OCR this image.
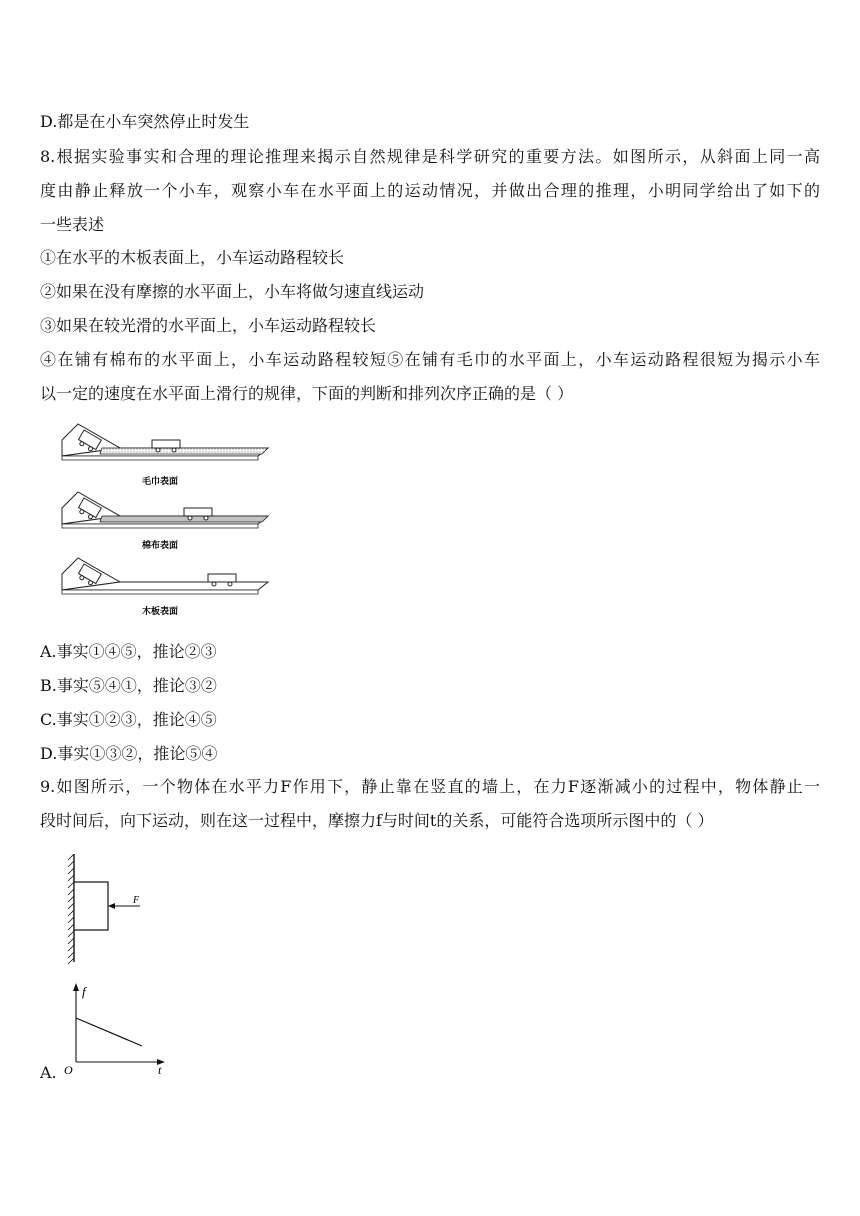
D.都是在小车突然停止时发生
8.根据实验事实和合理的理论推理来揭示自然规律是科学研究的重要方法。如图所示，从斜面上同一高
度由静止释放一个小车，观察小车在水平面上的运动情况，并做出合理的推理，小明同学给出了如下的
一些表述
①在水平的木板表面上，小车运动路程较长
②如果在没有摩擦的水平面上，小车将做匀速直线运动
③如果在较光滑的水平面上，小车运动路程较长
④在铺有棉布的水平面上，小车运动路程较短⑤在铺有毛巾的水平面上，小车运动路程很短为揭示小车
以一定的速度在水平面上滑行的规律，下面的判断和排列次序正确的是（ ）
毛巾表面
棉布表面
木板表面
A.事实①④⑤，推论②③
B.事实⑤④①，推论③②
C.事实①②③，推论④⑤
D.事实①③②，推论⑤④
9.如图所示，一个物体在水平力F作用下，静止靠在竖直的墙上，在力F逐渐减小的过程中，物体静止一
段时间后，向下运动，则在这一过程中，摩擦力f与时间t的关系，可能符合选项所示图中的（ ）
F
A.
f
t
O
